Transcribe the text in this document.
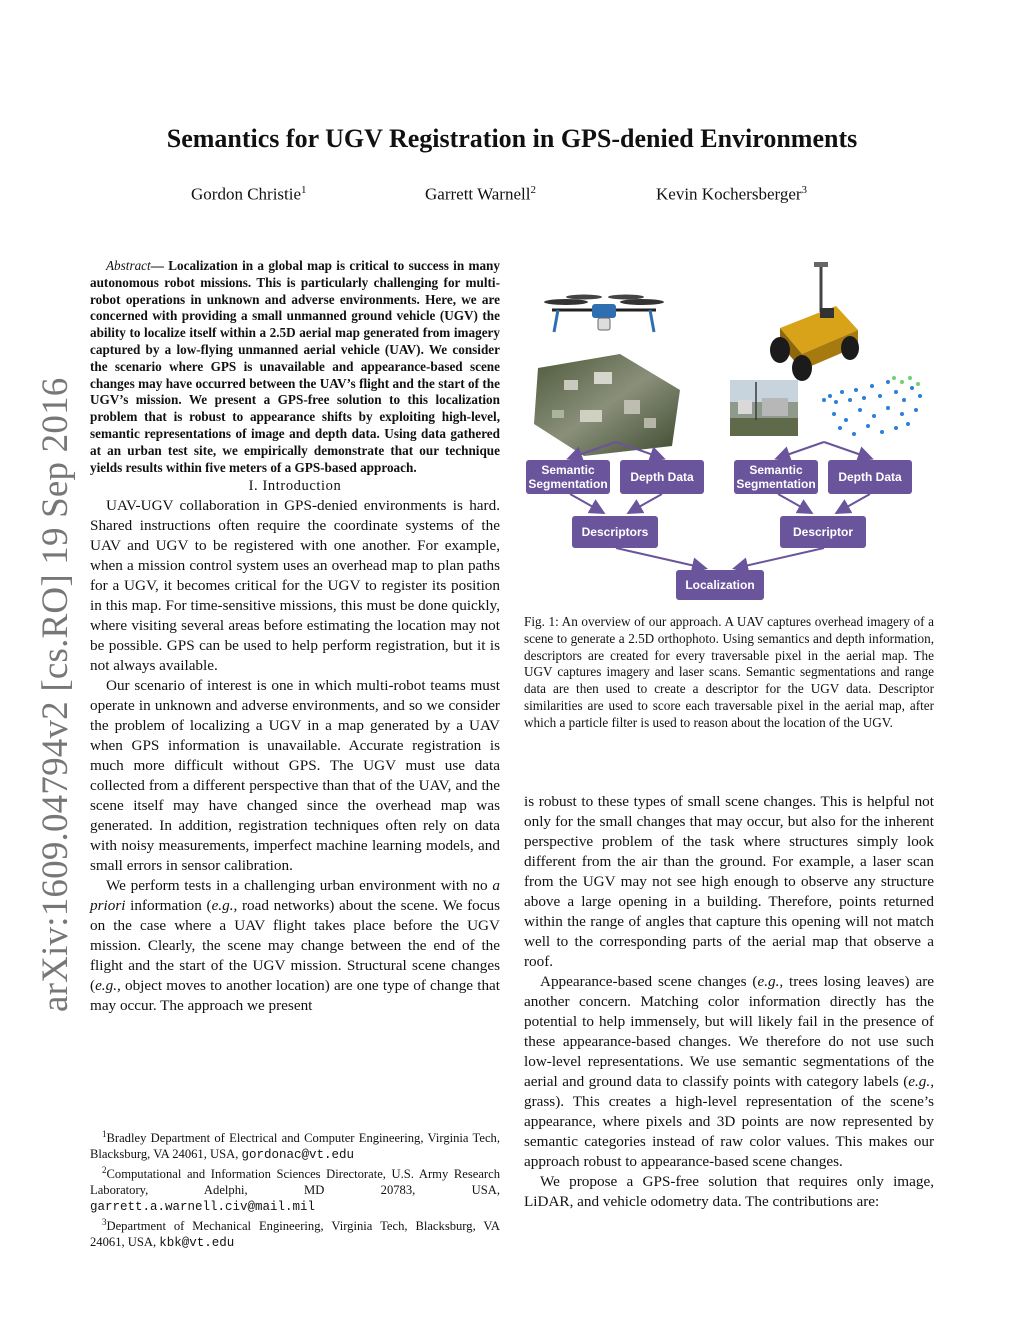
arXiv:1609.04794v2 [cs.RO] 19 Sep 2016
Semantics for UGV Registration in GPS-denied Environments
Gordon Christie$^1$	Garrett Warnell$^2$	Kevin Kochersberger$^3$
Abstract— Localization in a global map is critical to success in many autonomous robot missions. This is particularly challenging for multi-robot operations in unknown and adverse environments. Here, we are concerned with providing a small unmanned ground vehicle (UGV) the ability to localize itself within a 2.5D aerial map generated from imagery captured by a low-flying unmanned aerial vehicle (UAV). We consider the scenario where GPS is unavailable and appearance-based scene changes may have occurred between the UAV’s flight and the start of the UGV’s mission. We present a GPS-free solution to this localization problem that is robust to appearance shifts by exploiting high-level, semantic representations of image and depth data. Using data gathered at an urban test site, we empirically demonstrate that our technique yields results within five meters of a GPS-based approach.

I. Introduction

UAV-UGV collaboration in GPS-denied environments is hard. Shared instructions often require the coordinate systems of the UAV and UGV to be registered with one another. For example, when a mission control system uses an overhead map to plan paths for a UGV, it becomes critical for the UGV to register its position in this map. For time-sensitive missions, this must be done quickly, where visiting several areas before estimating the location may not be possible. GPS can be used to help perform registration, but it is not always available.

Our scenario of interest is one in which multi-robot teams must operate in unknown and adverse environments, and so we consider the problem of localizing a UGV in a map generated by a UAV when GPS information is unavailable. Accurate registration is much more difficult without GPS. The UGV must use data collected from a different perspective than that of the UAV, and the scene itself may have changed since the overhead map was generated. In addition, registration techniques often rely on data with noisy measurements, imperfect machine learning models, and small errors in sensor calibration.

We perform tests in a challenging urban environment with no a priori information (e.g., road networks) about the scene. We focus on the case where a UAV flight takes place before the UGV mission. Clearly, the scene may change between the end of the flight and the start of the UGV mission. Structural scene changes (e.g., object moves to another location) are one type of change that may occur. The approach we present

$^1$Bradley Department of Electrical and Computer Engineering, Virginia Tech, Blacksburg, VA 24061, USA, gordonac@vt.edu

$^2$Computational and Information Sciences Directorate, U.S. Army Research Laboratory, Adelphi, MD 20783, USA, garrett.a.warnell.civ@mail.mil

$^3$Department of Mechanical Engineering, Virginia Tech, Blacksburg, VA 24061, USA, kbk@vt.edu

Semantic Segmentation	Depth Data	Semantic Segmentation	Depth Data
Descriptors	Descriptor
Localization
Fig. 1: An overview of our approach. A UAV captures overhead imagery of a scene to generate a 2.5D orthophoto. Using semantics and depth information, descriptors are created for every traversable pixel in the aerial map. The UGV captures imagery and laser scans. Semantic segmentations and range data are then used to create a descriptor for the UGV data. Descriptor similarities are used to score each traversable pixel in the aerial map, after which a particle filter is used to reason about the location of the UGV.

is robust to these types of small scene changes. This is helpful not only for the small changes that may occur, but also for the inherent perspective problem of the task where structures simply look different from the air than the ground. For example, a laser scan from the UGV may not see high enough to observe any structure above a large opening in a building. Therefore, points returned within the range of angles that capture this opening will not match well to the corresponding parts of the aerial map that observe a roof.

Appearance-based scene changes (e.g., trees losing leaves) are another concern. Matching color information directly has the potential to help immensely, but will likely fail in the presence of these appearance-based changes. We therefore do not use such low-level representations. We use semantic segmentations of the aerial and ground data to classify points with category labels (e.g., grass). This creates a high-level representation of the scene’s appearance, where pixels and 3D points are now represented by semantic categories instead of raw color values. This makes our approach robust to appearance-based scene changes.

We propose a GPS-free solution that requires only image, LiDAR, and vehicle odometry data. The contributions are:
